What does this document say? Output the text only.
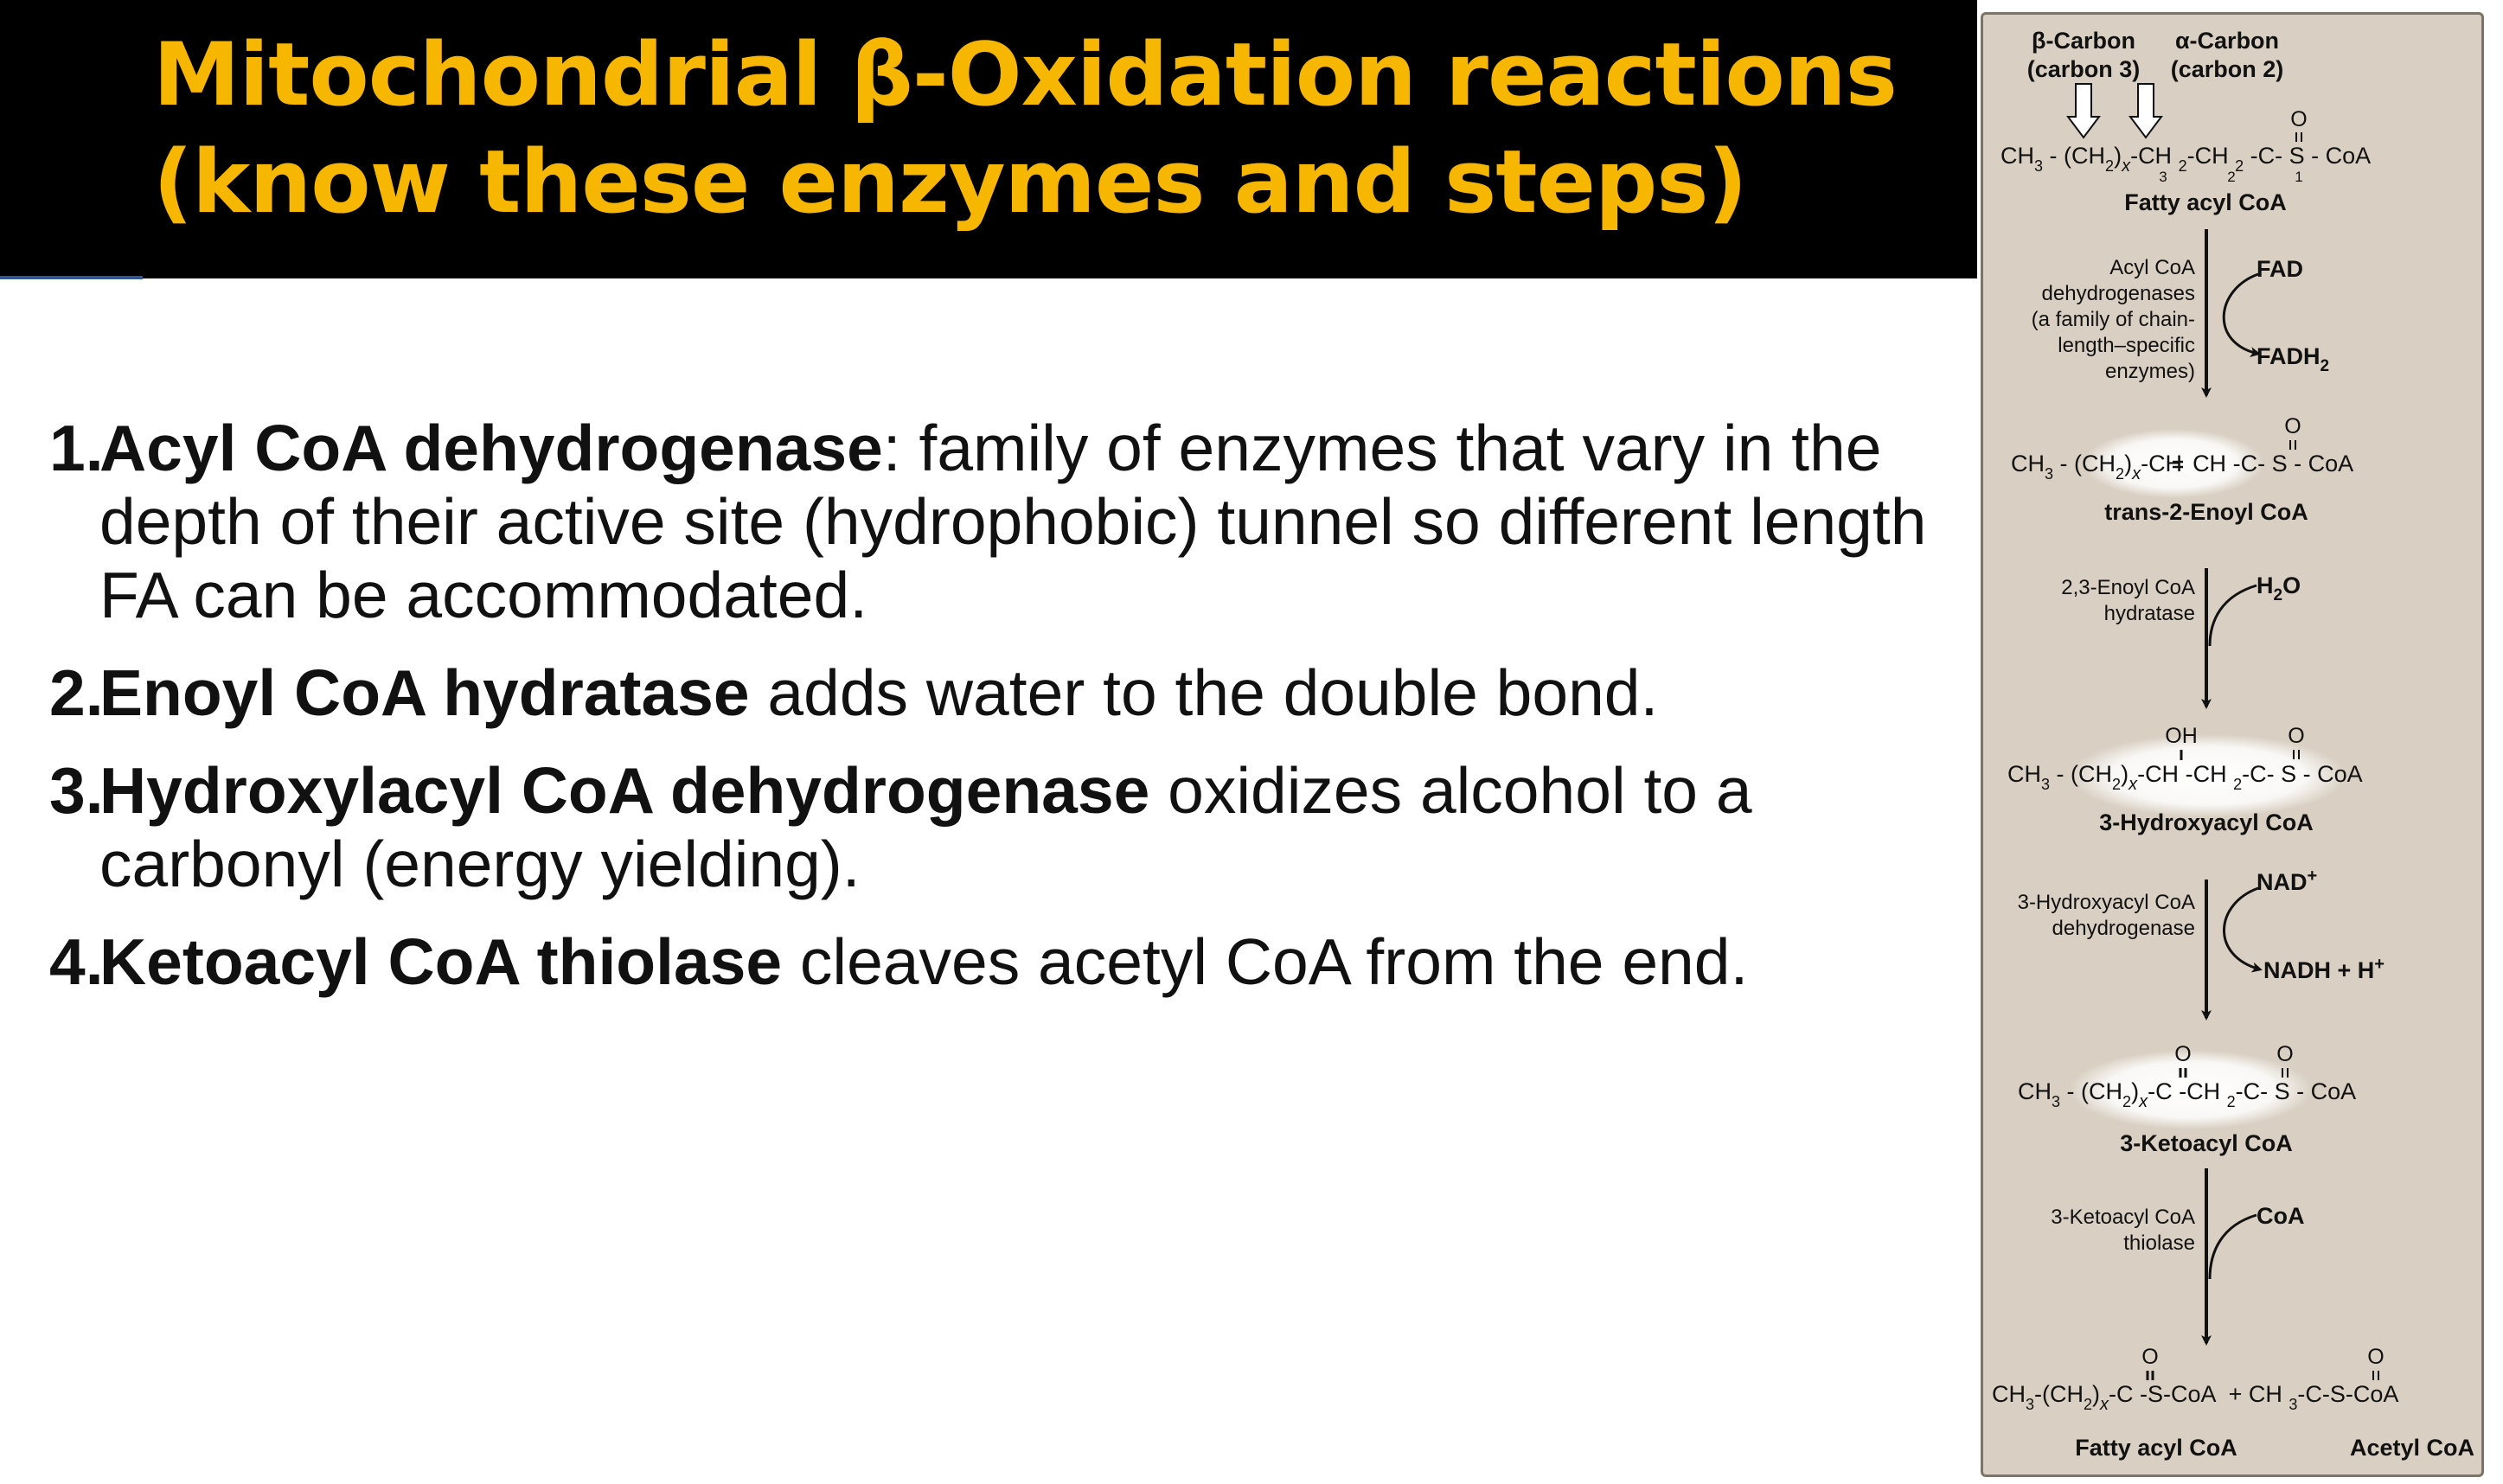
Mitochondrial β-Oxidation reactions
(know these enzymes and steps)
1.
Acyl CoA dehydrogenase: family of enzymes that vary in the depth of their active site (hydrophobic) tunnel so different length FA can be accommodated.
2.
Enoyl CoA hydratase adds water to the double bond.
3.
Hydroxylacyl CoA dehydrogenase oxidizes alcohol to a carbonyl (energy yielding).
4.
Ketoacyl CoA thiolase cleaves acetyl CoA from the end.
β-Carbon
(carbon 3)
α-Carbon
(carbon 2)
O
$CH_3 - (CH_2)_x-CH$ $_2$-CH $_2$ -C- S - CoA
3	2	1
Fatty acyl CoA
Acyl CoA
dehydrogenases
(a family of chain-
length–specific
enzymes)
FAD
$FADH_2$
O
$CH_3 - (CH_2)_x-CH$ CH -C- S - CoA
trans-2-Enoyl CoA
2,3-Enoyl CoA
hydratase
$H_2O$
OH	O
$CH_3 - (CH_2)_x-CH$ -CH $_2$-C- S - CoA
3-Hydroxyacyl CoA
3-Hydroxyacyl CoA
dehydrogenase
NAD+
NADH + H+
O	O
$CH_3 - (CH_2)_x-C$ -CH $_2$-C- S - CoA
3-Ketoacyl CoA
3-Ketoacyl CoA
thiolase
CoA
O	O
$CH_3-(CH_2)_x-C$ -S-CoA + CH $_3$-C-S-CoA
Fatty acyl CoA	Acetyl CoA
